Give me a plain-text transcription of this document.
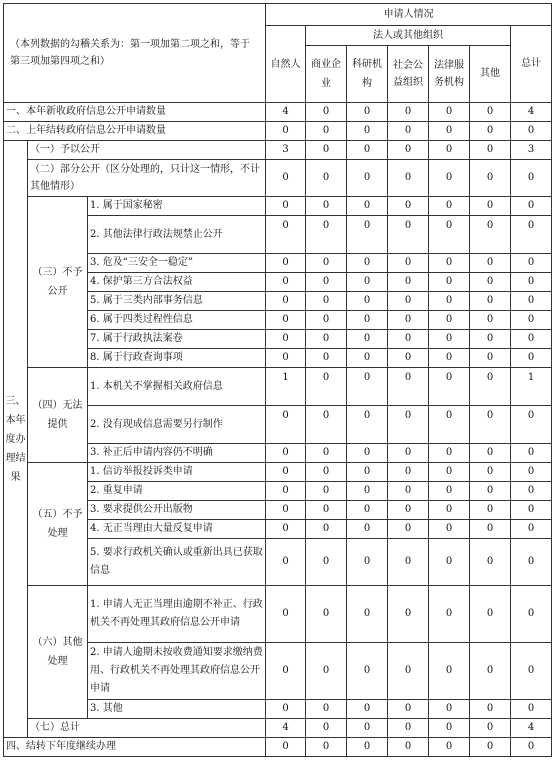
（本列数据的勾稽关系为：第一项加第二项之和，等于第三项加第四项之和）			申请人情况						
			自然人	法人或其他组织					总计
				商业企业	科研机构	社会公益组织	法律服务机构	其他	
一、本年新收政府信息公开申请数量			4	0	0	0	0	0	4
二、上年结转政府信息公开申请数量			0	0	0	0	0	0	0
三、本年度办理结果	（一）予以公开		3	0	0	0	0	0	3
	（二）部分公开（区分处理的，只计这一情形，不计其他情形）		0	0	0	0	0	0	0
	（三）不予公开	1. 属于国家秘密	0	0	0	0	0	0	0
		2. 其他法律行政法规禁止公开	0	0	0	0	0	0	0
		3. 危及“三安全一稳定”	0	0	0	0	0	0	0
		4. 保护第三方合法权益	0	0	0	0	0	0	0
		5. 属于三类内部事务信息	0	0	0	0	0	0	0
		6. 属于四类过程性信息	0	0	0	0	0	0	0
		7. 属于行政执法案卷	0	0	0	0	0	0	0
		8. 属于行政查询事项	0	0	0	0	0	0	0
	（四）无法提供	1. 本机关不掌握相关政府信息	1	0	0	0	0	0	1
		2. 没有现成信息需要另行制作	0	0	0	0	0	0	0
		3. 补正后申请内容仍不明确	0	0	0	0	0	0	0
	（五）不予处理	1. 信访举报投诉类申请	0	0	0	0	0	0	0
		2. 重复申请	0	0	0	0	0	0	0
		3. 要求提供公开出版物	0	0	0	0	0	0	0
		4. 无正当理由大量反复申请	0	0	0	0	0	0	0
		5. 要求行政机关确认或重新出具已获取信息	0	0	0	0	0	0	0
	（六）其他处理	1. 申请人无正当理由逾期不补正、行政机关不再处理其政府信息公开申请	0	0	0	0	0	0	0
		2. 申请人逾期未按收费通知要求缴纳费用、行政机关不再处理其政府信息公开申请	0	0	0	0	0	0	0
		3. 其他	0	0	0	0	0	0	0
	（七）总计		4	0	0	0	0	0	4
四、结转下年度继续办理			0	0	0	0	0	0	0
